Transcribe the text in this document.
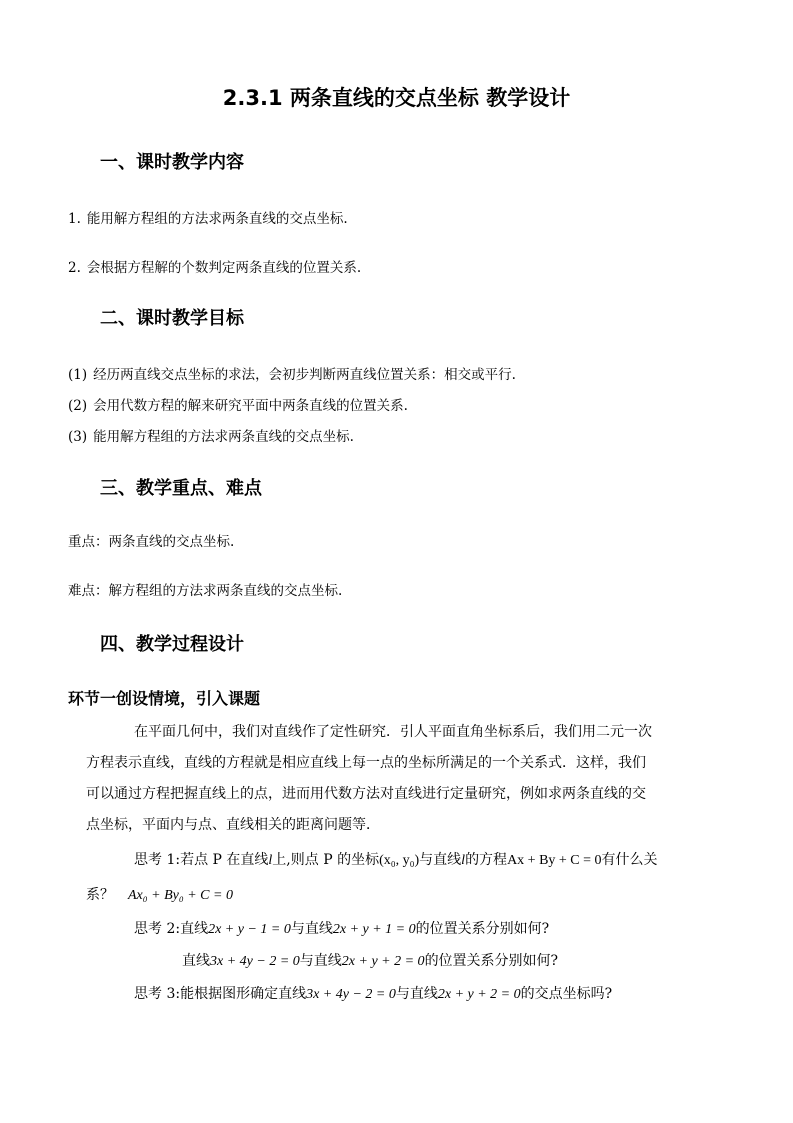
2.3.1 两条直线的交点坐标 教学设计
一、课时教学内容
1. 能用解方程组的方法求两条直线的交点坐标.
2. 会根据方程解的个数判定两条直线的位置关系.
二、课时教学目标
(1) 经历两直线交点坐标的求法，会初步判断两直线位置关系：相交或平行.
(2) 会用代数方程的解来研究平面中两条直线的位置关系.
(3) 能用解方程组的方法求两条直线的交点坐标.
三、教学重点、难点
重点：两条直线的交点坐标.
难点：解方程组的方法求两条直线的交点坐标.
四、教学过程设计
环节一创设情境，引入课题
在平面几何中，我们对直线作了定性研究．引人平面直角坐标系后，我们用二元一次
方程表示直线，直线的方程就是相应直线上每一点的坐标所满足的一个关系式．这样，我们
可以通过方程把握直线上的点，进而用代数方法对直线进行定量研究，例如求两条直线的交
点坐标，平面内与点、直线相关的距离问题等．
思考 1:若点 P 在直线l上,则点 P 的坐标(x₀, y₀)与直线l的方程Ax + By + C = 0有什么关
系？ Ax₀ + By₀ + C = 0
思考 2:直线2x + y − 1 = 0与直线2x + y + 1 = 0的位置关系分别如何?
直线3x + 4y − 2 = 0与直线2x + y + 2 = 0的位置关系分别如何?
思考 3:能根据图形确定直线3x + 4y − 2 = 0与直线2x + y + 2 = 0的交点坐标吗?
